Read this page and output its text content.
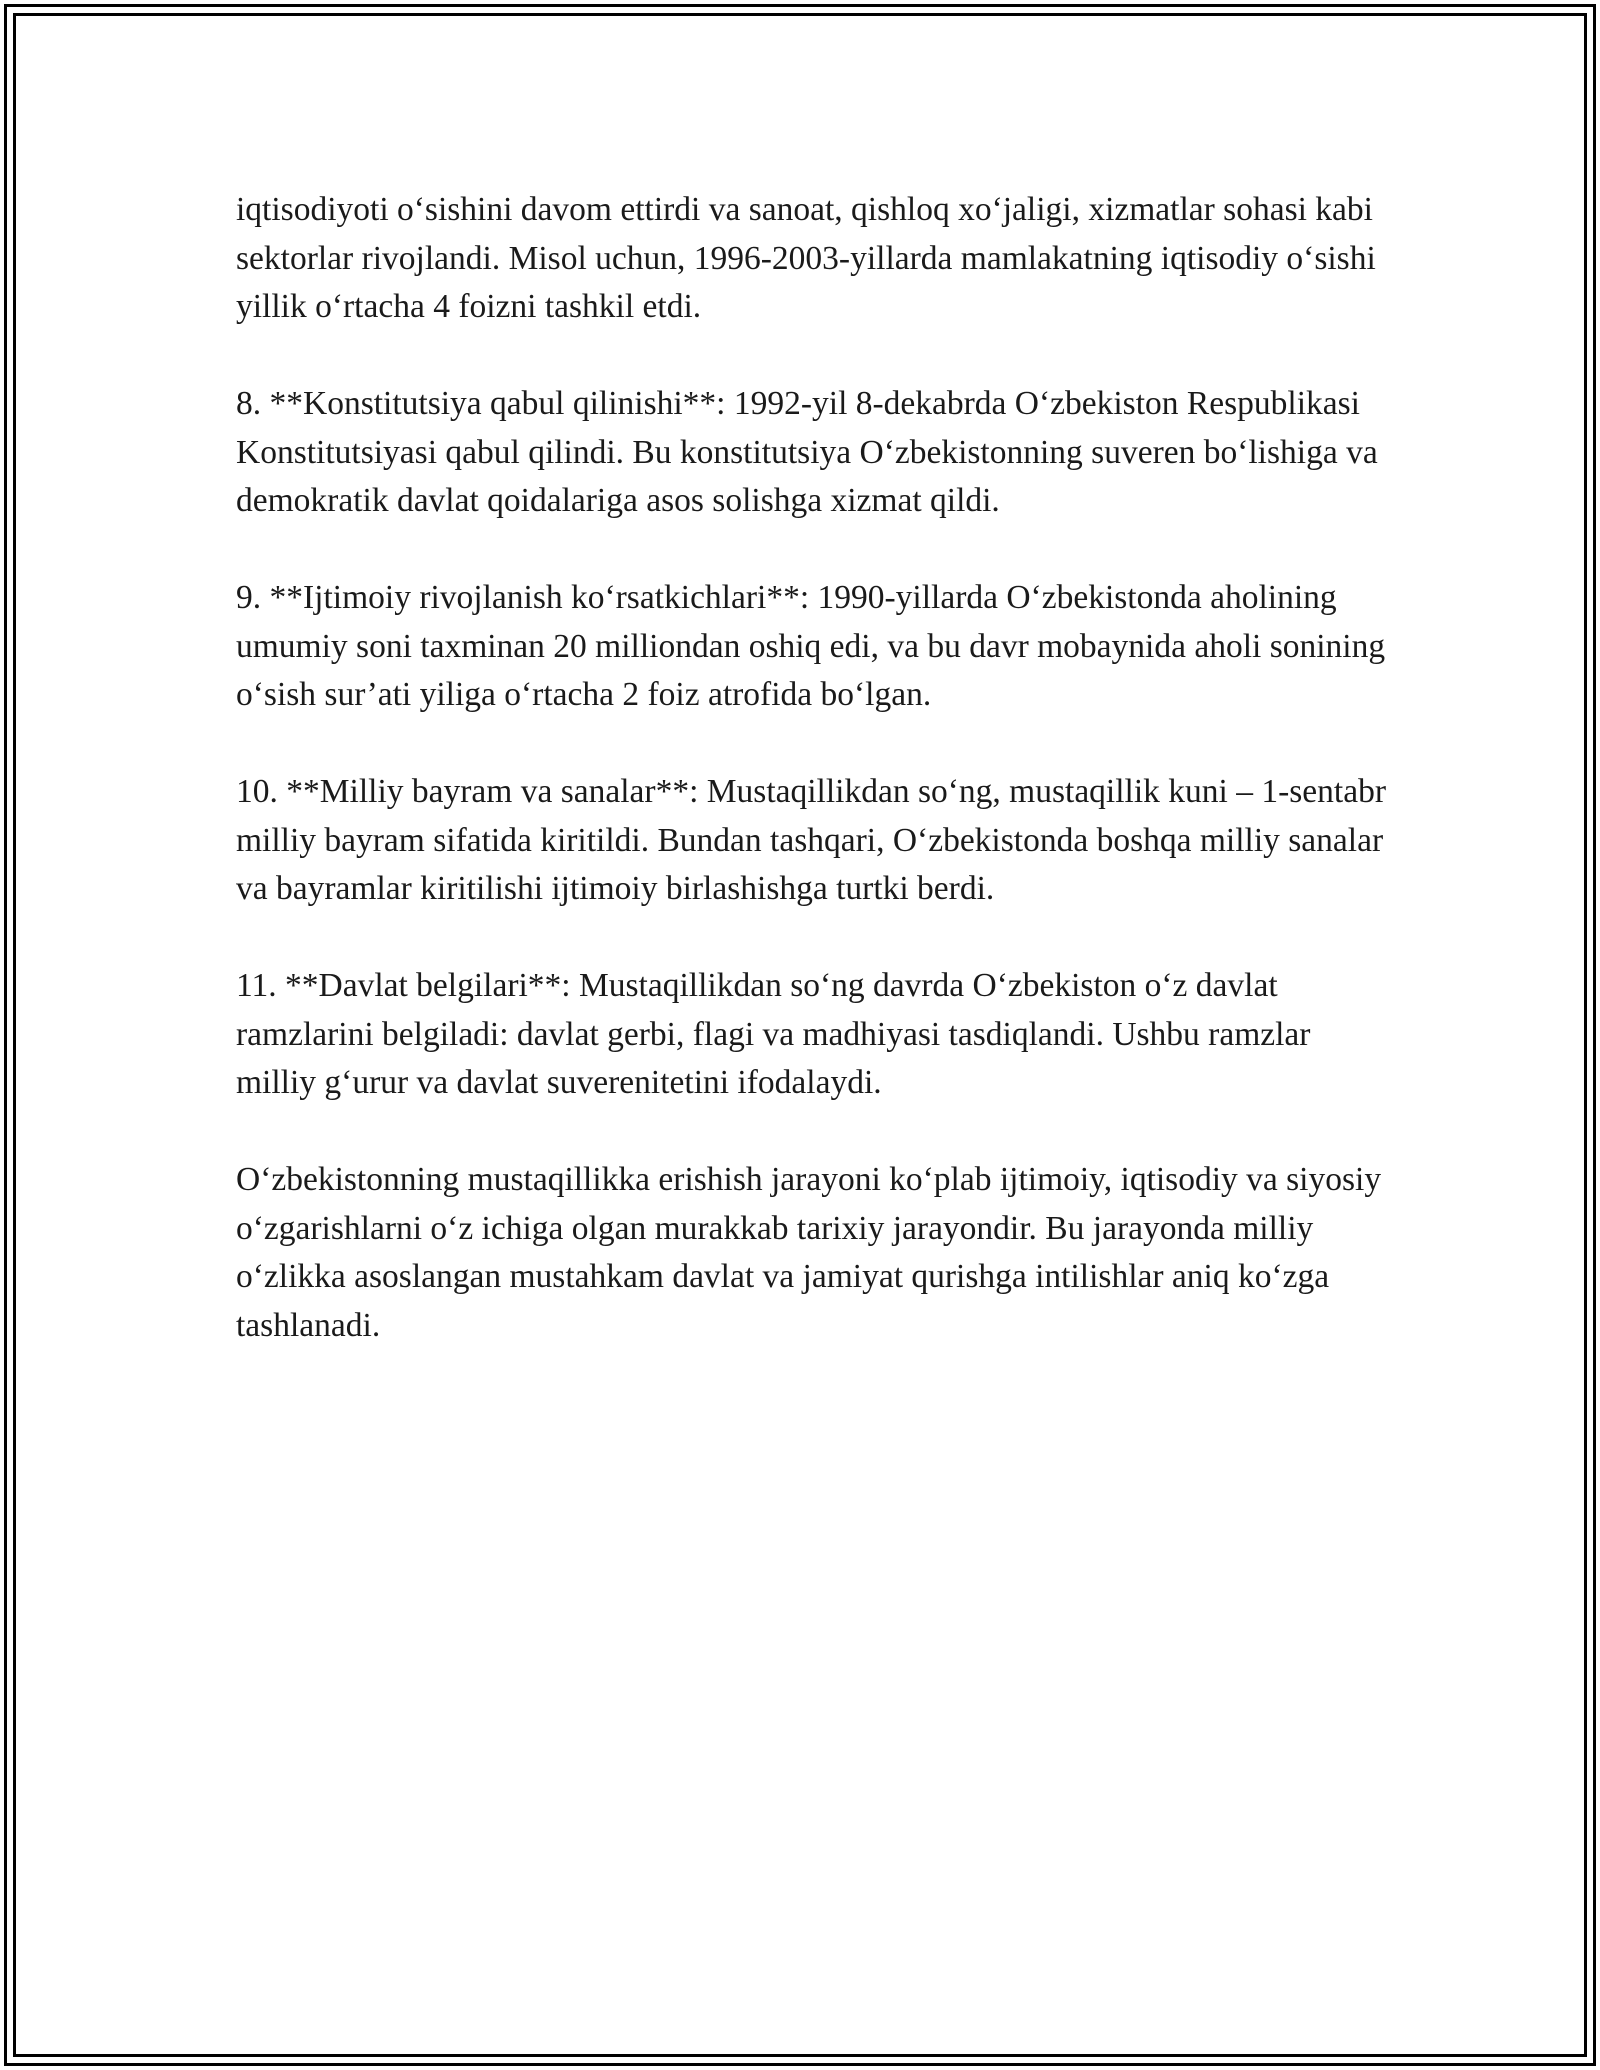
iqtisodiyoti o‘sishini davom ettirdi va sanoat, qishloq xo‘jaligi, xizmatlar sohasi kabi sektorlar rivojlandi. Misol uchun, 1996-2003-yillarda mamlakatning iqtisodiy o‘sishi yillik o‘rtacha 4 foizni tashkil etdi.

8. **Konstitutsiya qabul qilinishi**: 1992-yil 8-dekabrda O‘zbekiston Respublikasi Konstitutsiyasi qabul qilindi. Bu konstitutsiya O‘zbekistonning suveren bo‘lishiga va demokratik davlat qoidalariga asos solishga xizmat qildi.

9. **Ijtimoiy rivojlanish ko‘rsatkichlari**: 1990-yillarda O‘zbekistonda aholining umumiy soni taxminan 20 milliondan oshiq edi, va bu davr mobaynida aholi sonining o‘sish sur’ati yiliga o‘rtacha 2 foiz atrofida bo‘lgan.

10. **Milliy bayram va sanalar**: Mustaqillikdan so‘ng, mustaqillik kuni – 1-sentabr milliy bayram sifatida kiritildi. Bundan tashqari, O‘zbekistonda boshqa milliy sanalar va bayramlar kiritilishi ijtimoiy birlashishga turtki berdi.

11. **Davlat belgilari**: Mustaqillikdan so‘ng davrda O‘zbekiston o‘z davlat ramzlarini belgiladi: davlat gerbi, flagi va madhiyasi tasdiqlandi. Ushbu ramzlar milliy g‘urur va davlat suverenitetini ifodalaydi.

O‘zbekistonning mustaqillikka erishish jarayoni ko‘plab ijtimoiy, iqtisodiy va siyosiy o‘zgarishlarni o‘z ichiga olgan murakkab tarixiy jarayondir. Bu jarayonda milliy o‘zlikka asoslangan mustahkam davlat va jamiyat qurishga intilishlar aniq ko‘zga tashlanadi.
